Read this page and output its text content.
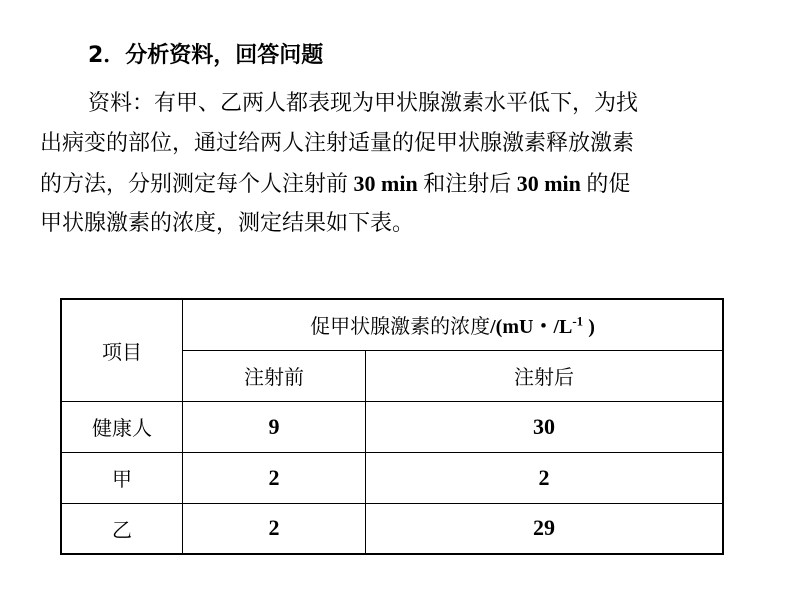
2．分析资料，回答问题
资料：有甲、乙两人都表现为甲状腺激素水平低下，为找
出病变的部位，通过给两人注射适量的促甲状腺激素释放激素
的方法，分别测定每个人注射前 30 min 和注射后 30 min 的促
甲状腺激素的浓度，测定结果如下表。
项目	促甲状腺激素的浓度/(mU・$/L^{-1}$ )	
	注射前	注射后
健康人	9	30
甲	2	2
乙	2	29
